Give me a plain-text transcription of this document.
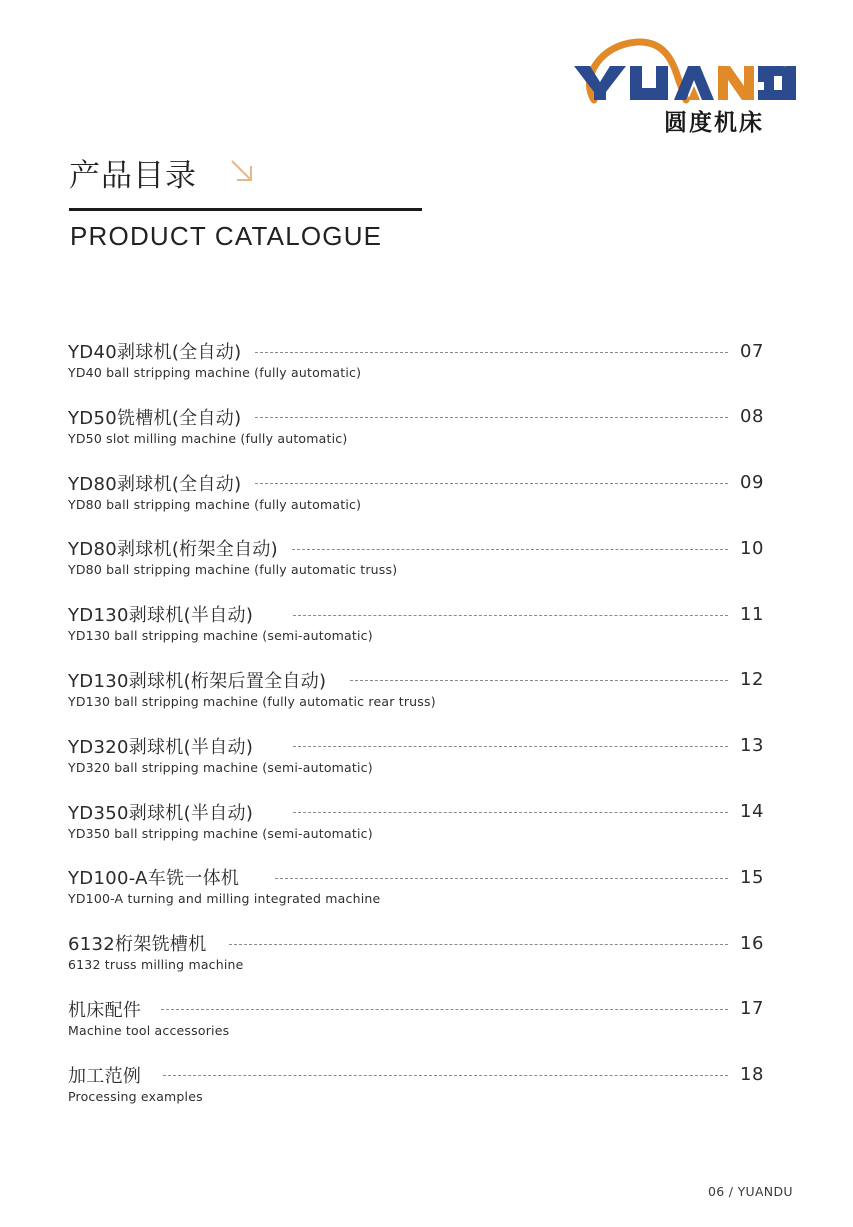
圆度机床
产品目录
PRODUCT CATALOGUE
YD40剥球机(全自动)	07
YD40 ball stripping machine (fully automatic)
YD50铣槽机(全自动)	08
YD50 slot milling machine (fully automatic)
YD80剥球机(全自动)	09
YD80 ball stripping machine (fully automatic)
YD80剥球机(桁架全自动)	10
YD80 ball stripping machine (fully automatic truss)
YD130剥球机(半自动)	11
YD130 ball stripping machine (semi-automatic)
YD130剥球机(桁架后置全自动)	12
YD130 ball stripping machine (fully automatic rear truss)
YD320剥球机(半自动)	13
YD320 ball stripping machine (semi-automatic)
YD350剥球机(半自动)	14
YD350 ball stripping machine (semi-automatic)
YD100-A车铣一体机	15
YD100-A turning and milling integrated machine
6132桁架铣槽机	16
6132 truss milling machine
机床配件	17
Machine tool accessories
加工范例	18
Processing examples
06 / YUANDU
